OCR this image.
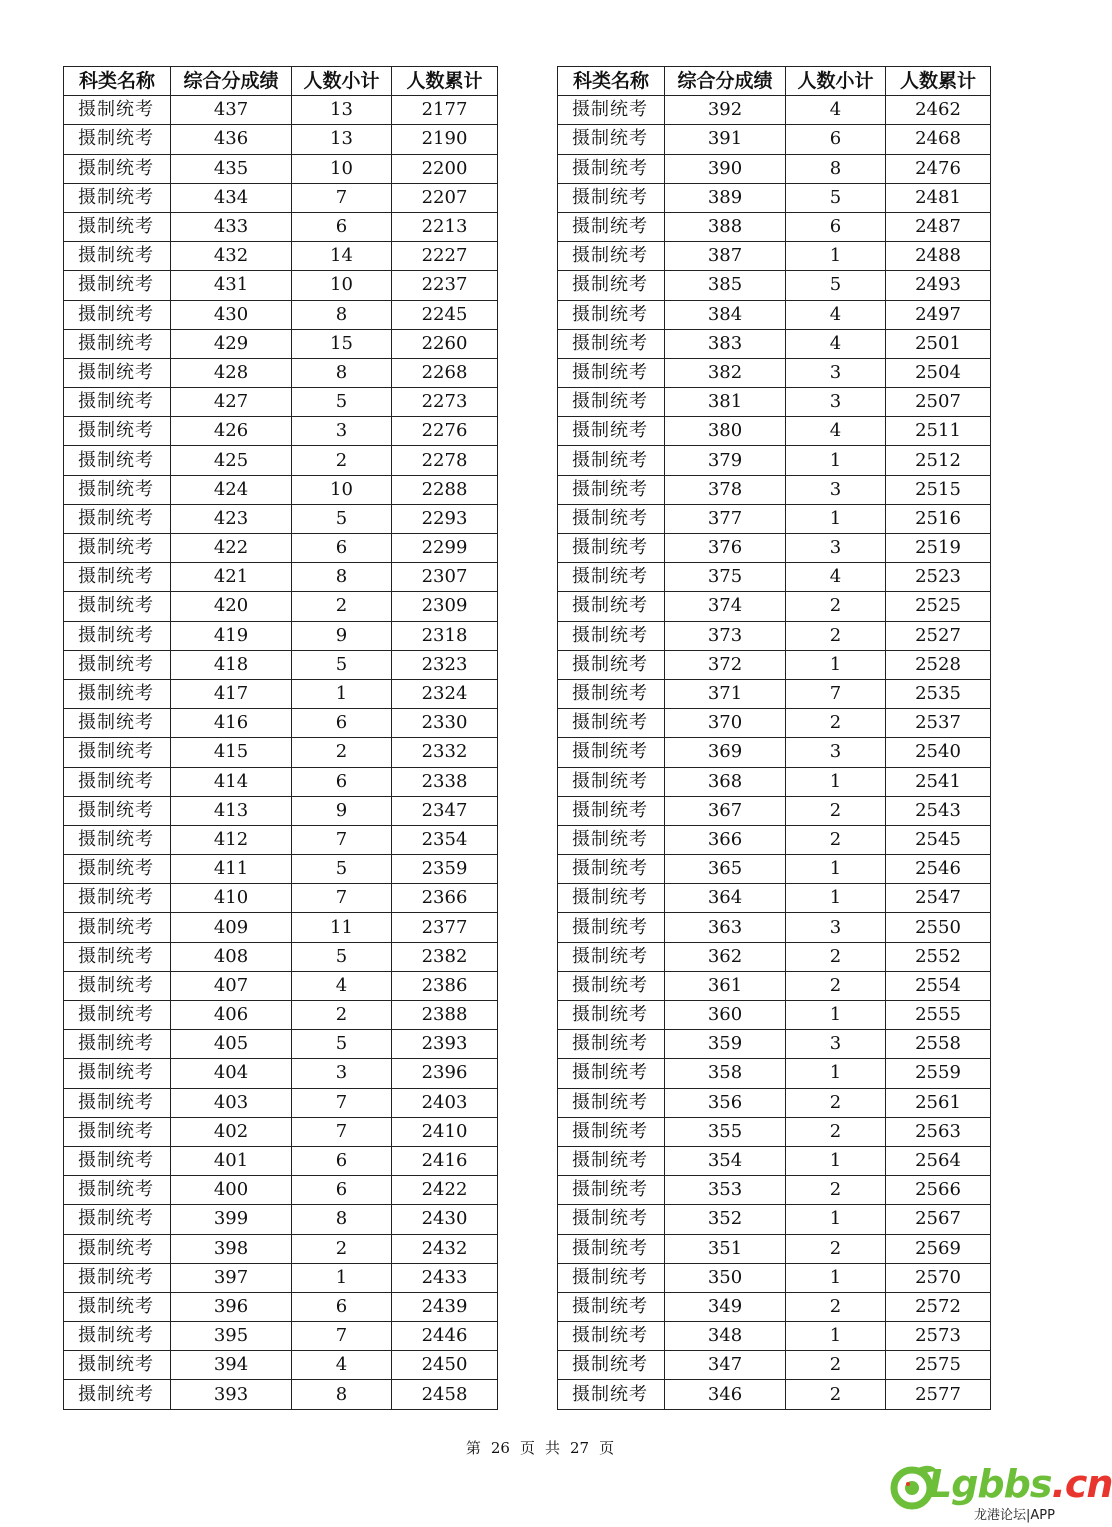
科类名称	综合分成绩	人数小计	人数累计
摄制统考	437	13	2177
摄制统考	436	13	2190
摄制统考	435	10	2200
摄制统考	434	7	2207
摄制统考	433	6	2213
摄制统考	432	14	2227
摄制统考	431	10	2237
摄制统考	430	8	2245
摄制统考	429	15	2260
摄制统考	428	8	2268
摄制统考	427	5	2273
摄制统考	426	3	2276
摄制统考	425	2	2278
摄制统考	424	10	2288
摄制统考	423	5	2293
摄制统考	422	6	2299
摄制统考	421	8	2307
摄制统考	420	2	2309
摄制统考	419	9	2318
摄制统考	418	5	2323
摄制统考	417	1	2324
摄制统考	416	6	2330
摄制统考	415	2	2332
摄制统考	414	6	2338
摄制统考	413	9	2347
摄制统考	412	7	2354
摄制统考	411	5	2359
摄制统考	410	7	2366
摄制统考	409	11	2377
摄制统考	408	5	2382
摄制统考	407	4	2386
摄制统考	406	2	2388
摄制统考	405	5	2393
摄制统考	404	3	2396
摄制统考	403	7	2403
摄制统考	402	7	2410
摄制统考	401	6	2416
摄制统考	400	6	2422
摄制统考	399	8	2430
摄制统考	398	2	2432
摄制统考	397	1	2433
摄制统考	396	6	2439
摄制统考	395	7	2446
摄制统考	394	4	2450
摄制统考	393	8	2458
科类名称	综合分成绩	人数小计	人数累计
摄制统考	392	4	2462
摄制统考	391	6	2468
摄制统考	390	8	2476
摄制统考	389	5	2481
摄制统考	388	6	2487
摄制统考	387	1	2488
摄制统考	385	5	2493
摄制统考	384	4	2497
摄制统考	383	4	2501
摄制统考	382	3	2504
摄制统考	381	3	2507
摄制统考	380	4	2511
摄制统考	379	1	2512
摄制统考	378	3	2515
摄制统考	377	1	2516
摄制统考	376	3	2519
摄制统考	375	4	2523
摄制统考	374	2	2525
摄制统考	373	2	2527
摄制统考	372	1	2528
摄制统考	371	7	2535
摄制统考	370	2	2537
摄制统考	369	3	2540
摄制统考	368	1	2541
摄制统考	367	2	2543
摄制统考	366	2	2545
摄制统考	365	1	2546
摄制统考	364	1	2547
摄制统考	363	3	2550
摄制统考	362	2	2552
摄制统考	361	2	2554
摄制统考	360	1	2555
摄制统考	359	3	2558
摄制统考	358	1	2559
摄制统考	356	2	2561
摄制统考	355	2	2563
摄制统考	354	1	2564
摄制统考	353	2	2566
摄制统考	352	1	2567
摄制统考	351	2	2569
摄制统考	350	1	2570
摄制统考	349	2	2572
摄制统考	348	1	2573
摄制统考	347	2	2575
摄制统考	346	2	2577
第 26 页 共 27 页
Lgbbs.cn
龙港论坛|APP
